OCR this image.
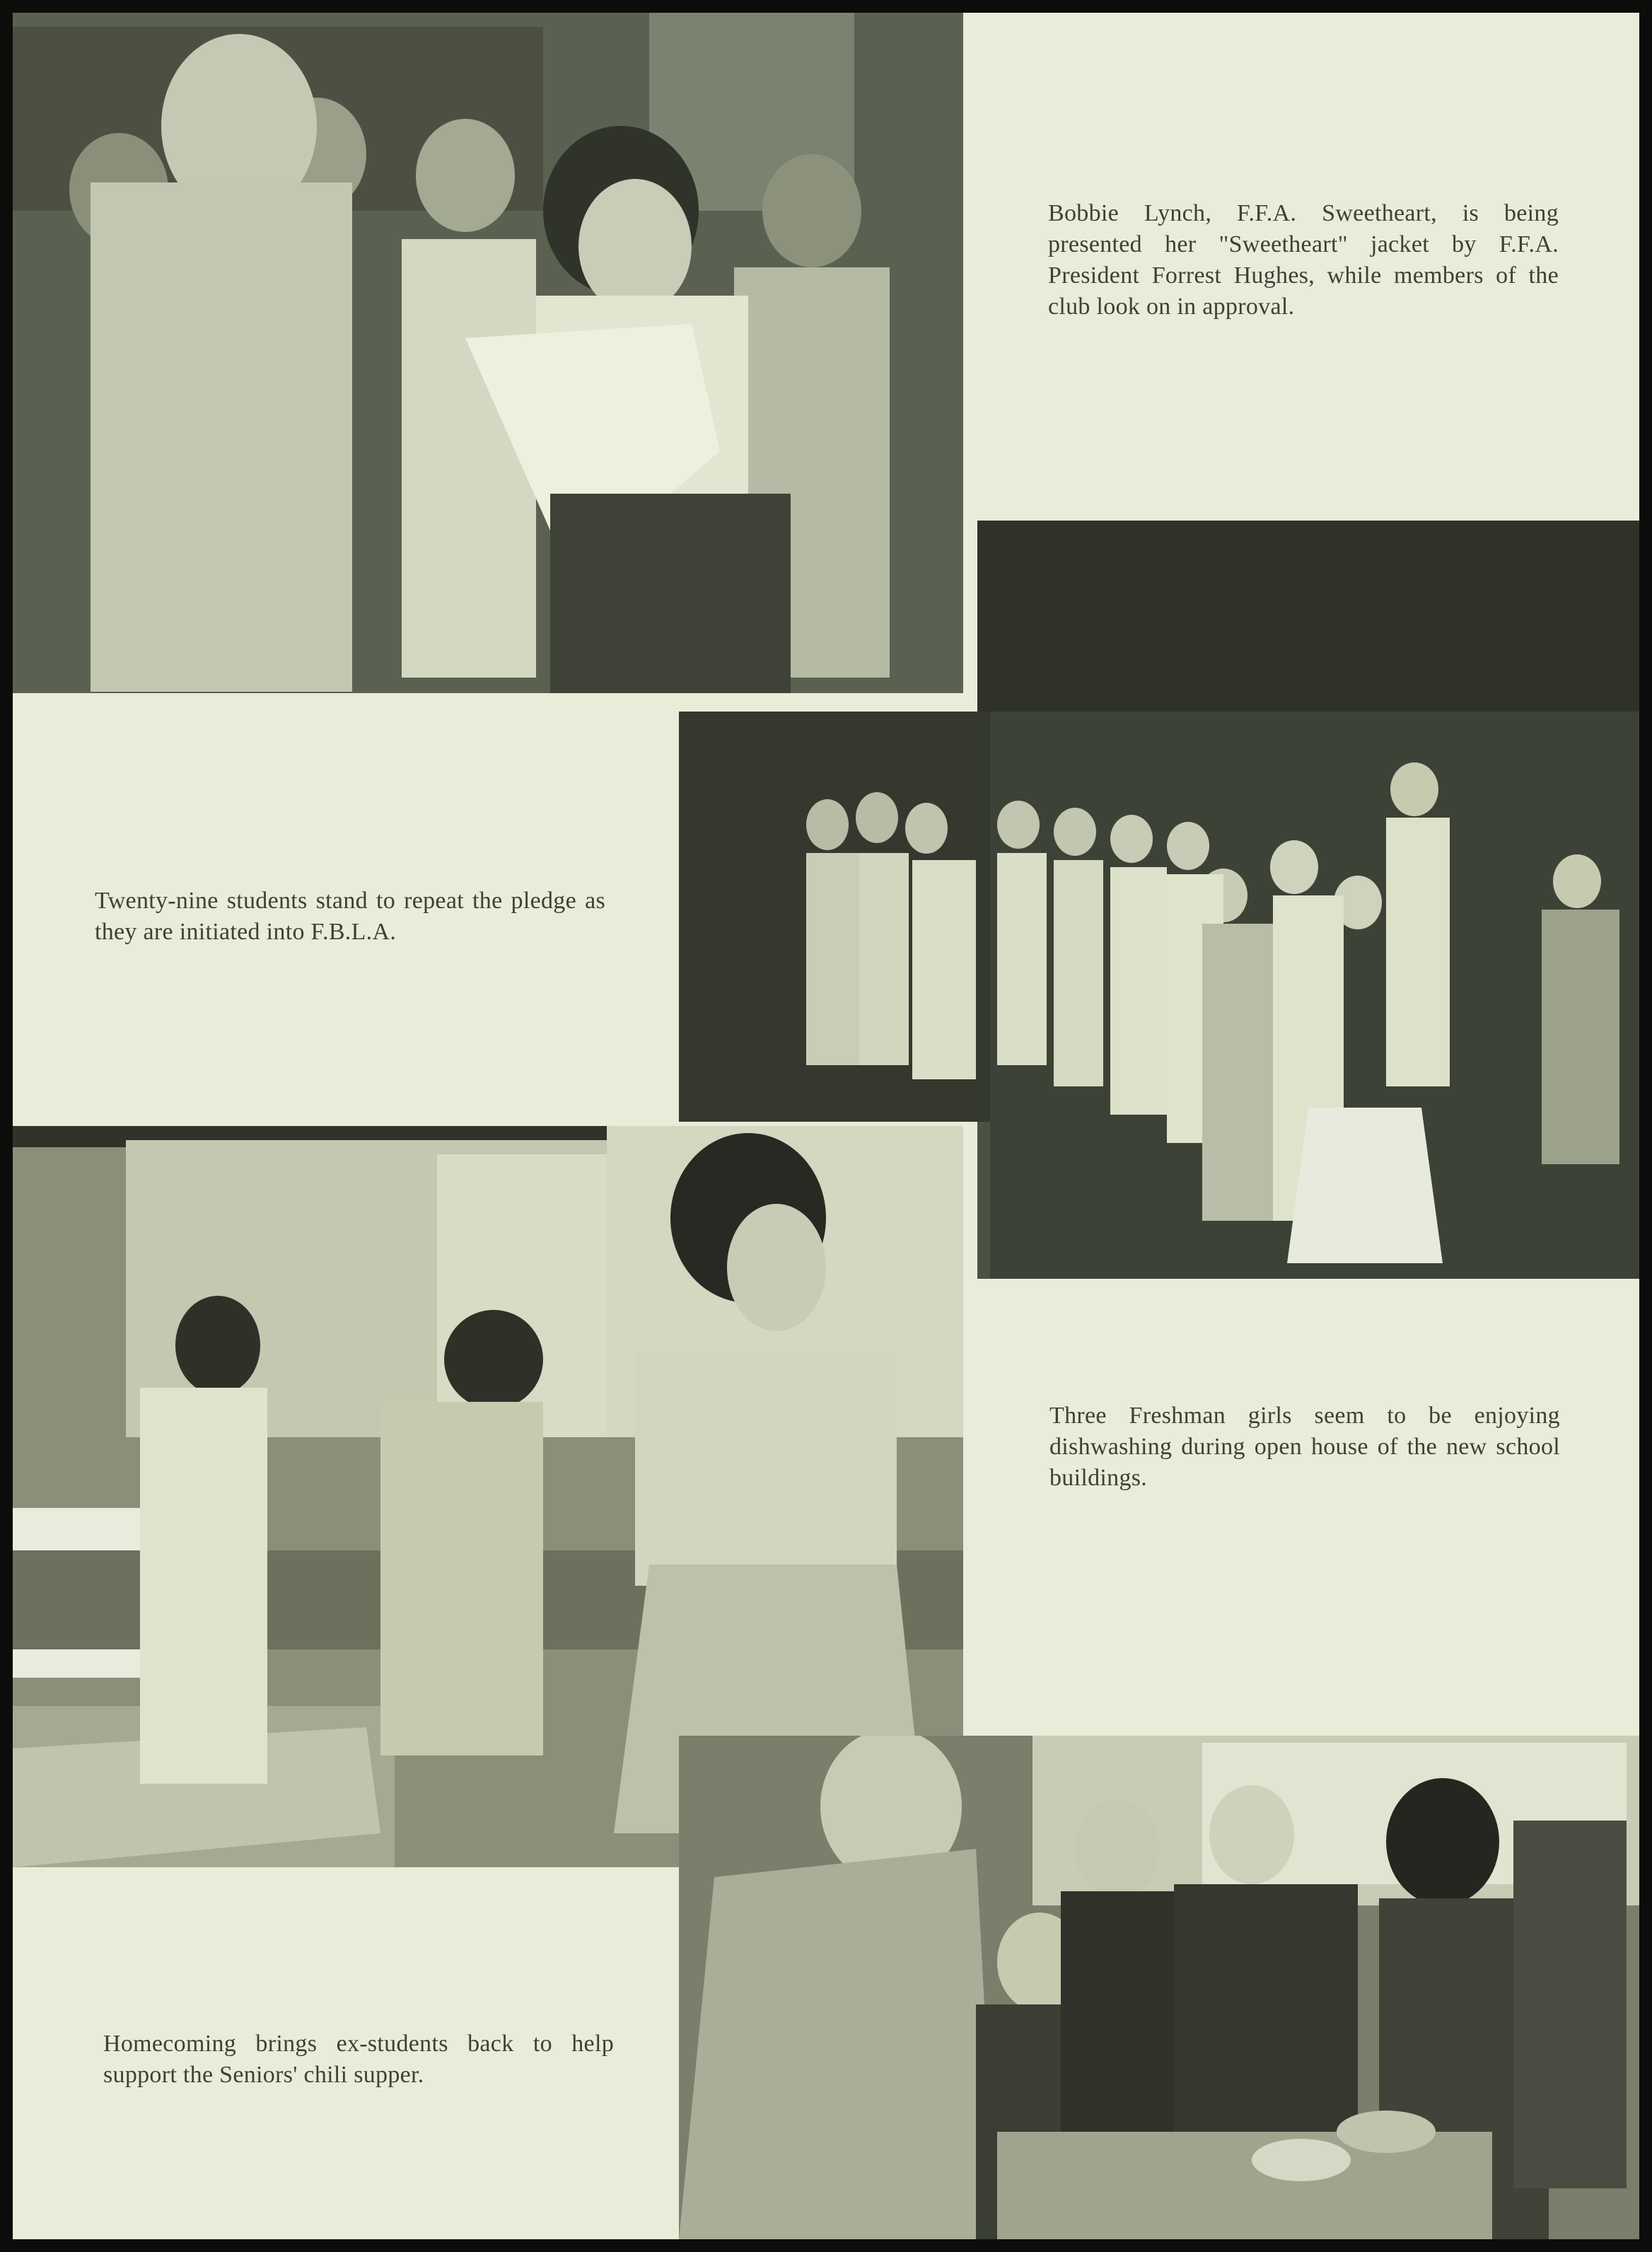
Bobbie Lynch, F.F.A. Sweetheart, is being presented her "Sweetheart" jacket by F.F.A. President Forrest Hughes, while members of the club look on in approval.
Twenty-nine students stand to repeat the pledge as they are initiated into F.B.L.A.
Three Freshman girls seem to be enjoying dishwashing during open house of the new school buildings.
Homecoming brings ex-students back to help support the Seniors' chili supper.
